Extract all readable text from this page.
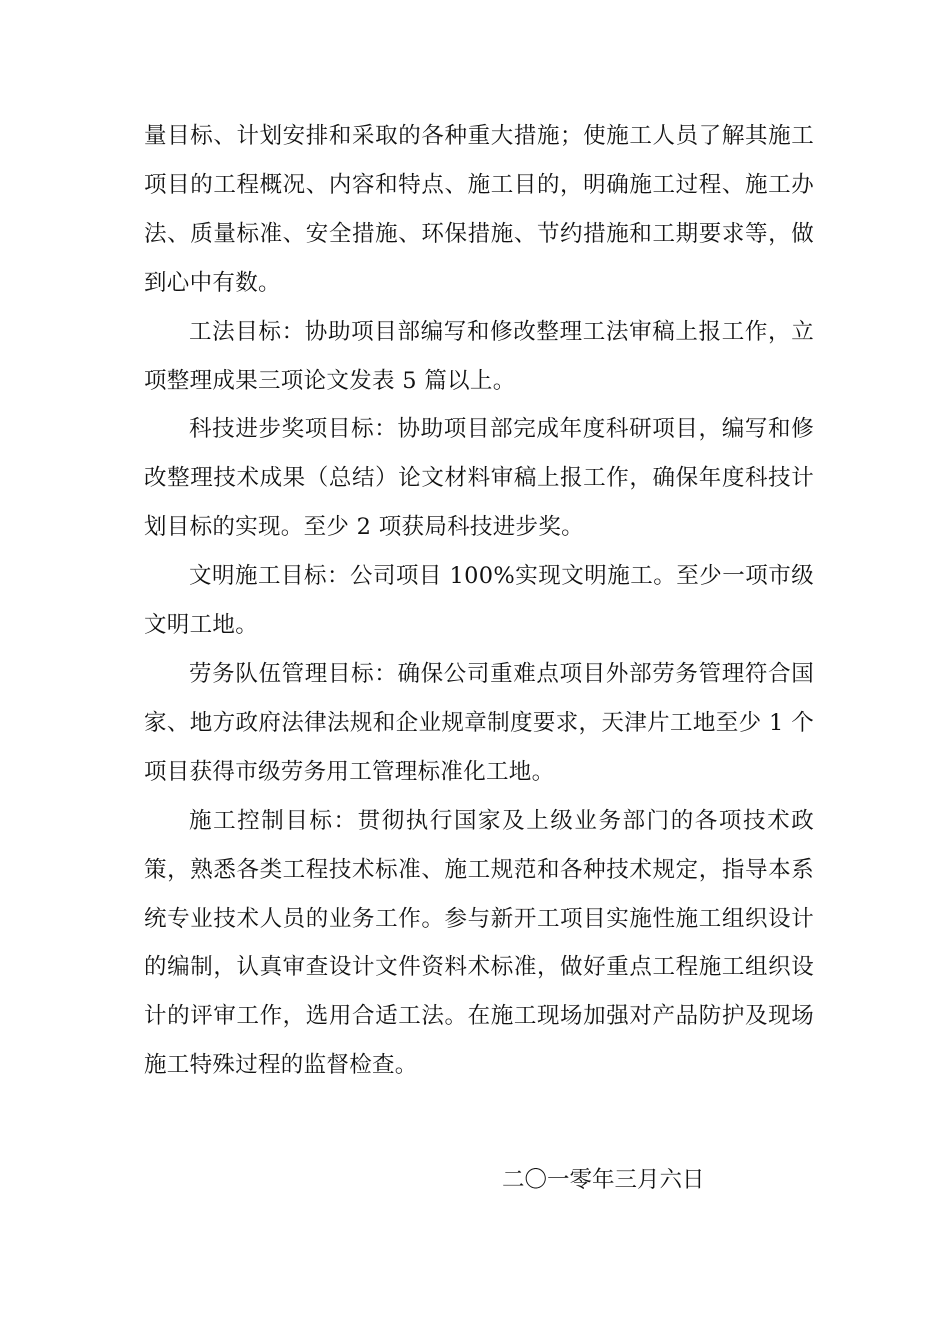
量目标、计划安排和采取的各种重大措施；使施工人员了解其施工项目的工程概况、内容和特点、施工目的，明确施工过程、施工办法、质量标准、安全措施、环保措施、节约措施和工期要求等，做到心中有数。

工法目标：协助项目部编写和修改整理工法审稿上报工作，立项整理成果三项论文发表 5 篇以上。

科技进步奖项目标：协助项目部完成年度科研项目，编写和修改整理技术成果（总结）论文材料审稿上报工作，确保年度科技计划目标的实现。至少 2 项获局科技进步奖。

文明施工目标：公司项目 100%实现文明施工。至少一项市级文明工地。

劳务队伍管理目标：确保公司重难点项目外部劳务管理符合国家、地方政府法律法规和企业规章制度要求，天津片工地至少 1 个项目获得市级劳务用工管理标准化工地。

施工控制目标：贯彻执行国家及上级业务部门的各项技术政策，熟悉各类工程技术标准、施工规范和各种技术规定，指导本系统专业技术人员的业务工作。参与新开工项目实施性施工组织设计的编制，认真审查设计文件资料术标准，做好重点工程施工组织设计的评审工作，选用合适工法。在施工现场加强对产品防护及现场施工特殊过程的监督检查。

二〇一零年三月六日
